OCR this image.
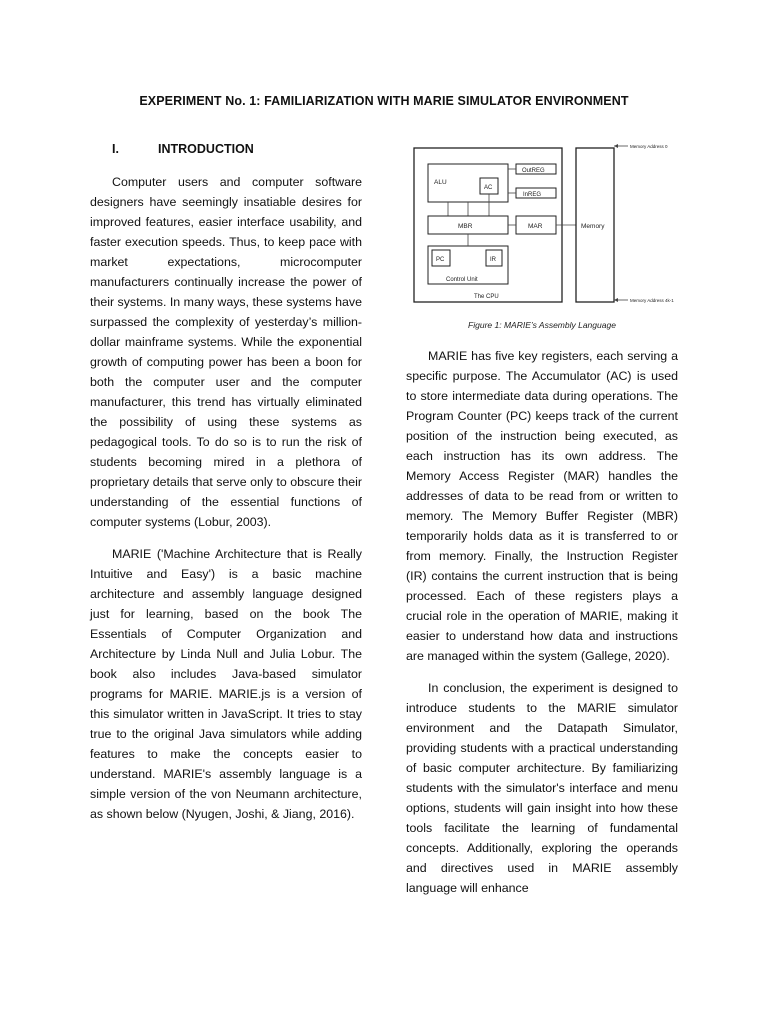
EXPERIMENT No. 1: FAMILIARIZATION WITH MARIE SIMULATOR ENVIRONMENT
I.	INTRODUCTION

Computer users and computer software designers have seemingly insatiable desires for improved features, easier interface usability, and faster execution speeds. Thus, to keep pace with market expectations, microcomputer manufacturers continually increase the power of their systems. In many ways, these systems have surpassed the complexity of yesterday’s million-dollar mainframe systems. While the exponential growth of computing power has been a boon for both the computer user and the computer manufacturer, this trend has virtually eliminated the possibility of using these systems as pedagogical tools. To do so is to run the risk of students becoming mired in a plethora of proprietary details that serve only to obscure their understanding of the essential functions of computer systems (Lobur, 2003).

MARIE ('Machine Architecture that is Really Intuitive and Easy') is a basic machine architecture and assembly language designed just for learning, based on the book The Essentials of Computer Organization and Architecture by Linda Null and Julia Lobur. The book also includes Java-based simulator programs for MARIE. MARIE.js is a version of this simulator written in JavaScript. It tries to stay true to the original Java simulators while adding features to make the concepts easier to understand. MARIE's assembly language is a simple version of the von Neumann architecture, as shown below (Nyugen, Joshi, & Jiang, 2016).

ALU
AC
OutREG
InREG
MBR	MAR
PC	IR
Control Unit
The CPU
Memory
Memory Address 0
Memory Address 4k-1
Figure 1: MARIE’s Assembly Language

MARIE has five key registers, each serving a specific purpose. The Accumulator (AC) is used to store intermediate data during operations. The Program Counter (PC) keeps track of the current position of the instruction being executed, as each instruction has its own address. The Memory Access Register (MAR) handles the addresses of data to be read from or written to memory. The Memory Buffer Register (MBR) temporarily holds data as it is transferred to or from memory. Finally, the Instruction Register (IR) contains the current instruction that is being processed. Each of these registers plays a crucial role in the operation of MARIE, making it easier to understand how data and instructions are managed within the system (Gallege, 2020).

In conclusion, the experiment is designed to introduce students to the MARIE simulator environment and the Datapath Simulator, providing students with a practical understanding of basic computer architecture. By familiarizing students with the simulator's interface and menu options, students will gain insight into how these tools facilitate the learning of fundamental concepts. Additionally, exploring the operands and directives used in MARIE assembly language will enhance
